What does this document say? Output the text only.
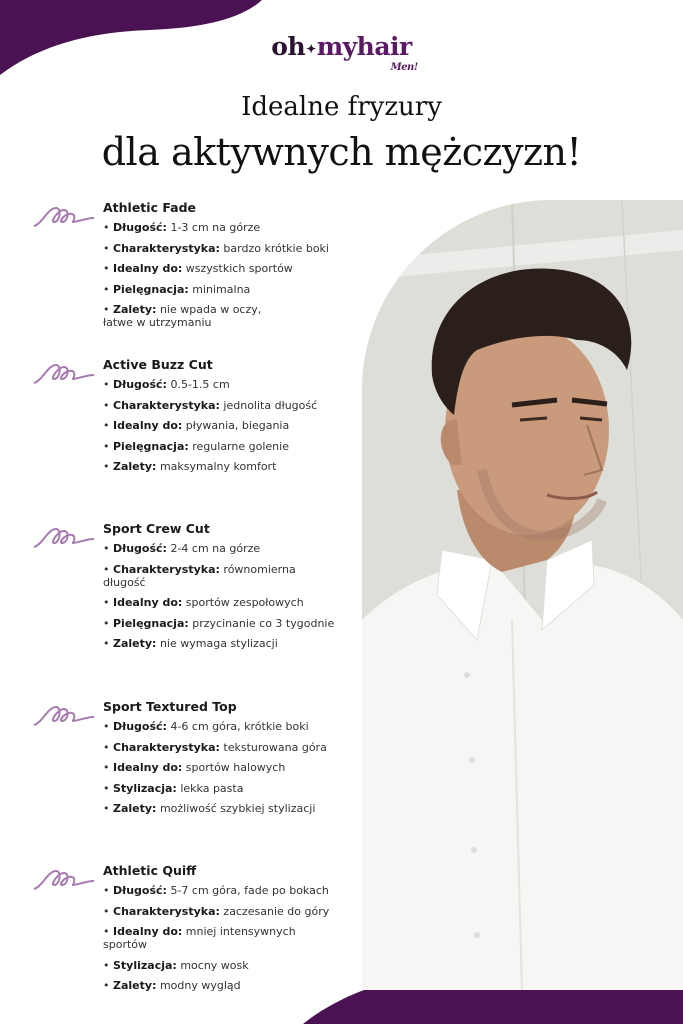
oh✦myhair
Men!
Idealne fryzury
dla aktywnych mężczyzn!
Athletic Fade
• Długość: 1-3 cm na górze
• Charakterystyka: bardzo krótkie boki
• Idealny do: wszystkich sportów
• Pielęgnacja: minimalna
• Zalety: nie wpada w oczy, łatwe w utrzymaniu
Active Buzz Cut
• Długość: 0.5-1.5 cm
• Charakterystyka: jednolita długość
• Idealny do: pływania, biegania
• Pielęgnacja: regularne golenie
• Zalety: maksymalny komfort
Sport Crew Cut
• Długość: 2-4 cm na górze
• Charakterystyka: równomierna długość
• Idealny do: sportów zespołowych
• Pielęgnacja: przycinanie co 3 tygodnie
• Zalety: nie wymaga stylizacji
Sport Textured Top
• Długość: 4-6 cm góra, krótkie boki
• Charakterystyka: teksturowana góra
• Idealny do: sportów halowych
• Stylizacja: lekka pasta
• Zalety: możliwość szybkiej stylizacji
Athletic Quiff
• Długość: 5-7 cm góra, fade po bokach
• Charakterystyka: zaczesanie do góry
• Idealny do: mniej intensywnych sportów
• Stylizacja: mocny wosk
• Zalety: modny wygląd
